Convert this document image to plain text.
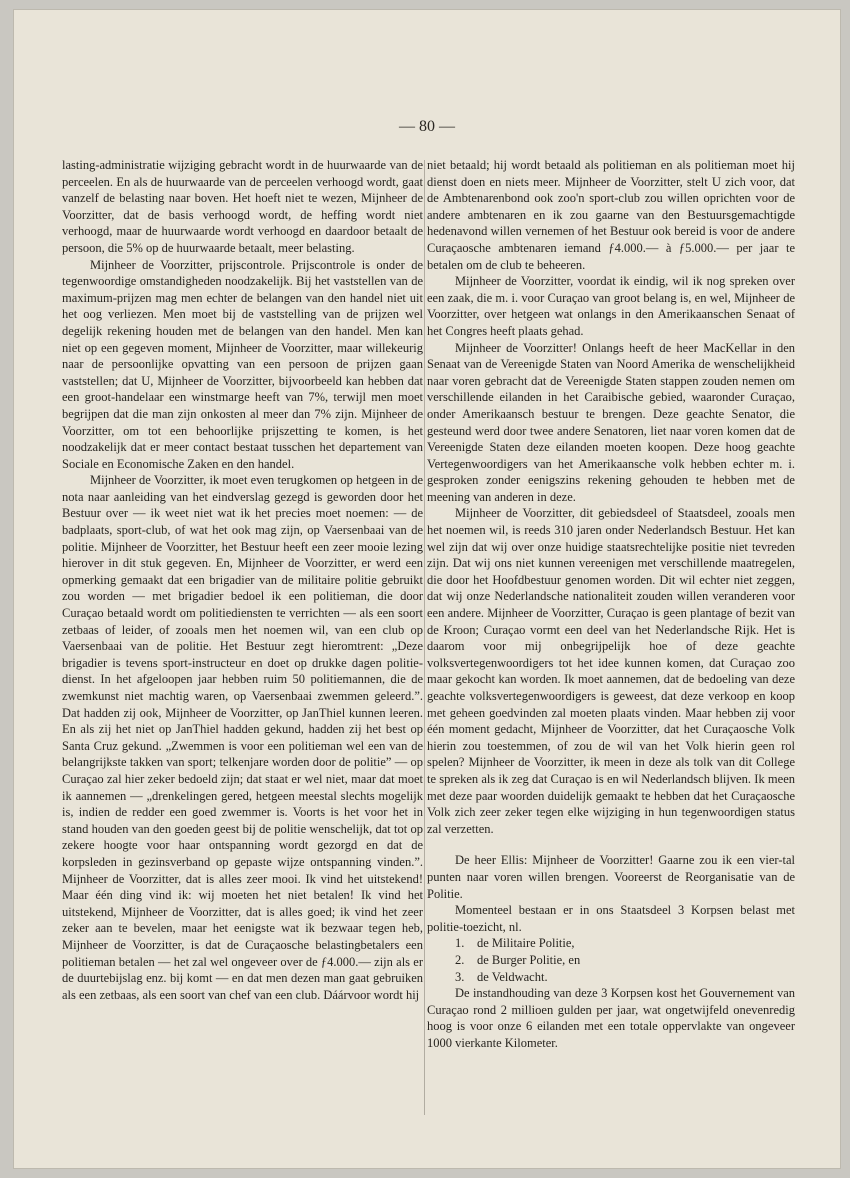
— 80 —

lasting-administratie wijziging gebracht wordt in de huurwaarde van de perceelen. En als de huurwaarde van de perceelen verhoogd wordt, gaat vanzelf de belasting naar boven. Het hoeft niet te wezen, Mijnheer de Voorzitter, dat de basis verhoogd wordt, de heffing wordt niet verhoogd, maar de huurwaarde wordt verhoogd en daardoor betaalt de persoon, die 5% op de huurwaarde betaalt, meer belasting.

Mijnheer de Voorzitter, prijscontrole. Prijscontrole is onder de tegenwoordige omstandigheden noodzakelijk. Bij het vaststellen van de maximum-prijzen mag men echter de belangen van den handel niet uit het oog verliezen. Men moet bij de vaststelling van de prijzen wel degelijk rekening houden met de belangen van den handel. Men kan niet op een gegeven moment, Mijnheer de Voorzitter, maar willekeurig naar de persoonlijke opvatting van een persoon de prijzen gaan vaststellen; dat U, Mijnheer de Voorzitter, bijvoorbeeld kan hebben dat een groot-handelaar een winstmarge heeft van 7%, terwijl men moet begrijpen dat die man zijn onkosten al meer dan 7% zijn. Mijnheer de Voorzitter, om tot een behoorlijke prijszetting te komen, is het noodzakelijk dat er meer contact bestaat tusschen het departement van Sociale en Economische Zaken en den handel.

Mijnheer de Voorzitter, ik moet even terugkomen op hetgeen in de nota naar aanleiding van het eindverslag gezegd is geworden door het Bestuur over — ik weet niet wat ik het precies moet noemen: — de badplaats, sport-club, of wat het ook mag zijn, op Vaersenbaai van de politie. Mijnheer de Voorzitter, het Bestuur heeft een zeer mooie lezing hierover in dit stuk gegeven. En, Mijnheer de Voorzitter, er werd een opmerking gemaakt dat een brigadier van de militaire politie gebruikt zou worden — met brigadier bedoel ik een politieman, die door Curaçao betaald wordt om politiediensten te verrichten — als een soort zetbaas of leider, of zooals men het noemen wil, van een club op Vaersenbaai van de politie. Het Bestuur zegt hieromtrent: „Deze brigadier is tevens sport-instructeur en doet op drukke dagen politie-dienst. In het afgeloopen jaar hebben ruim 50 politiemannen, die de zwemkunst niet machtig waren, op Vaersenbaai zwemmen geleerd.”. Dat hadden zij ook, Mijnheer de Voorzitter, op JanThiel kunnen leeren. En als zij het niet op JanThiel hadden gekund, hadden zij het best op Santa Cruz gekund. „Zwemmen is voor een politieman wel een van de belangrijkste takken van sport; telkenjare worden door de politie” — op Curaçao zal hier zeker bedoeld zijn; dat staat er wel niet, maar dat moet ik aannemen — „drenkelingen gered, hetgeen meestal slechts mogelijk is, indien de redder een goed zwemmer is. Voorts is het voor het in stand houden van den goeden geest bij de politie wenschelijk, dat tot op zekere hoogte voor haar ontspanning wordt gezorgd en dat de korpsleden in gezinsverband op gepaste wijze ontspanning vinden.”. Mijnheer de Voorzitter, dat is alles zeer mooi. Ik vind het uitstekend! Maar één ding vind ik: wij moeten het niet betalen! Ik vind het uitstekend, Mijnheer de Voorzitter, dat is alles goed; ik vind het zeer zeker aan te bevelen, maar het eenigste wat ik bezwaar tegen heb, Mijnheer de Voorzitter, is dat de Curaçaosche belastingbetalers een politieman betalen — het zal wel ongeveer over de ƒ4.000.— zijn als er de duurtebijslag enz. bij komt — en dat men dezen man gaat gebruiken als een zetbaas, als een soort van chef van een club. Dáárvoor wordt hij

niet betaald; hij wordt betaald als politieman en als politieman moet hij dienst doen en niets meer. Mijnheer de Voorzitter, stelt U zich voor, dat de Ambtenarenbond ook zoo'n sport-club zou willen oprichten voor de andere ambtenaren en ik zou gaarne van den Bestuursgemachtigde hedenavond willen vernemen of het Bestuur ook bereid is voor de andere Curaçaosche ambtenaren iemand ƒ4.000.— à ƒ5.000.— per jaar te betalen om de club te beheeren.

Mijnheer de Voorzitter, voordat ik eindig, wil ik nog spreken over een zaak, die m. i. voor Curaçao van groot belang is, en wel, Mijnheer de Voorzitter, over hetgeen wat onlangs in den Amerikaanschen Senaat of het Congres heeft plaats gehad.

Mijnheer de Voorzitter! Onlangs heeft de heer MacKellar in den Senaat van de Vereenigde Staten van Noord Amerika de wenschelijkheid naar voren gebracht dat de Vereenigde Staten stappen zouden nemen om verschillende eilanden in het Caraibische gebied, waaronder Curaçao, onder Amerikaansch bestuur te brengen. Deze geachte Senator, die gesteund werd door twee andere Senatoren, liet naar voren komen dat de Vereenigde Staten deze eilanden moeten koopen. Deze hoog geachte Vertegenwoordigers van het Amerikaansche volk hebben echter m. i. gesproken zonder eenigszins rekening gehouden te hebben met de meening van anderen in deze.

Mijnheer de Voorzitter, dit gebiedsdeel of Staatsdeel, zooals men het noemen wil, is reeds 310 jaren onder Nederlandsch Bestuur. Het kan wel zijn dat wij over onze huidige staatsrechtelijke positie niet tevreden zijn. Dat wij ons niet kunnen vereenigen met verschillende maatregelen, die door het Hoofdbestuur genomen worden. Dit wil echter niet zeggen, dat wij onze Nederlandsche nationaliteit zouden willen veranderen voor een andere. Mijnheer de Voorzitter, Curaçao is geen plantage of bezit van de Kroon; Curaçao vormt een deel van het Nederlandsche Rijk. Het is daarom voor mij onbegrijpelijk hoe of deze geachte volksvertegenwoordigers tot het idee kunnen komen, dat Curaçao zoo maar gekocht kan worden. Ik moet aannemen, dat de bedoeling van deze geachte volksvertegenwoordigers is geweest, dat deze verkoop en koop met geheen goedvinden zal moeten plaats vinden. Maar hebben zij voor één moment gedacht, Mijnheer de Voorzitter, dat het Curaçaosche Volk hierin zou toestemmen, of zou de wil van het Volk hierin geen rol spelen? Mijnheer de Voorzitter, ik meen in deze als tolk van dit College te spreken als ik zeg dat Curaçao is en wil Nederlandsch blijven. Ik meen met deze paar woorden duidelijk gemaakt te hebben dat het Curaçaosche Volk zich zeer zeker tegen elke wijziging in hun tegenwoordigen status zal verzetten.

De heer Ellis: Mijnheer de Voorzitter! Gaarne zou ik een vier-tal punten naar voren willen brengen. Vooreerst de Reorganisatie van de Politie.

Momenteel bestaan er in ons Staatsdeel 3 Korpsen belast met politie-toezicht, nl.

1. de Militaire Politie,
2. de Burger Politie, en
3. de Veldwacht.

De instandhouding van deze 3 Korpsen kost het Gouvernement van Curaçao rond 2 millioen gulden per jaar, wat ongetwijfeld onevenredig hoog is voor onze 6 eilanden met een totale oppervlakte van ongeveer 1000 vierkante Kilometer.
